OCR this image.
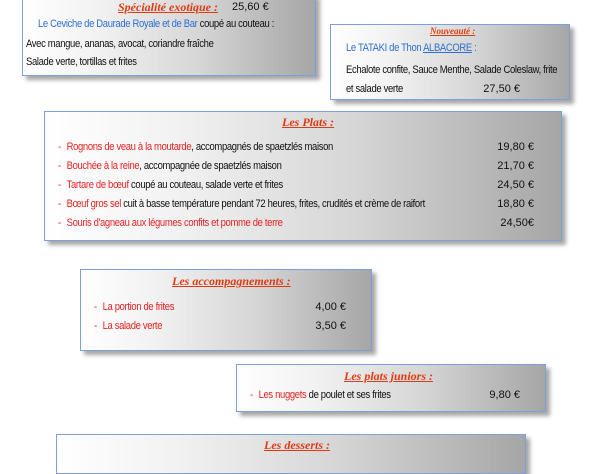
Spécialité exotique : 25,60 €
Le Ceviche de Daurade Royale et de Bar coupé au couteau :
Avec mangue, ananas, avocat, coriandre fraîche
Salade verte, tortillas et frites
Nouveauté :
Le TATAKI de Thon ALBACORE :
Echalote confite, Sauce Menthe, Salade Coleslaw, frite
et salade verte	27,50 €
Les Plats :
- Rognons de veau à la moutarde, accompagnés de spaetzlés maison	19,80 €
- Bouchée à la reine, accompagnée de spaetzlés maison	21,70 €
- Tartare de bœuf coupé au couteau, salade verte et frites	24,50 €
- Bœuf gros sel cuit à basse température pendant 72 heures, frites, crudités et crème de raifort	18,80 €
- Souris d'agneau aux légumes confits et pomme de terre	24,50€
Les accompagnements :
- La portion de frites	4,00 €
- La salade verte	3,50 €
Les plats juniors :
- Les nuggets de poulet et ses frites	9,80 €
Les desserts :
